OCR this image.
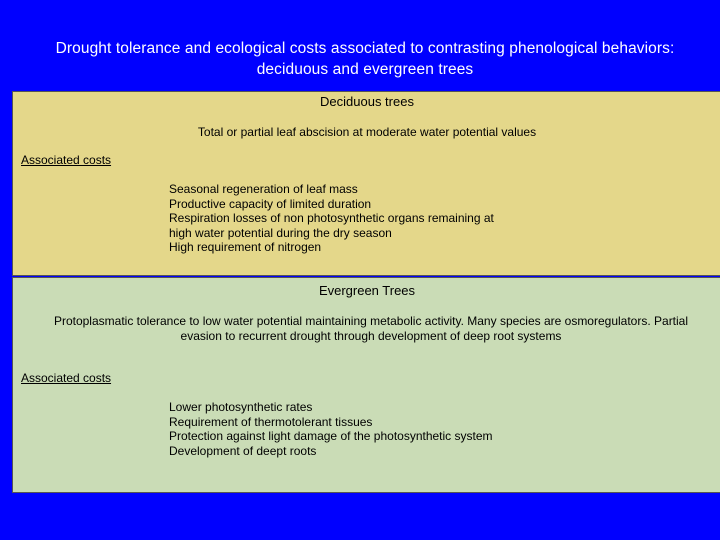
Drought tolerance and ecological costs associated to contrasting phenological behaviors:
deciduous and evergreen trees
Deciduous trees
Total or partial leaf abscision at moderate water potential values
Associated costs
Seasonal regeneration of leaf mass
Productive capacity of limited duration
Respiration losses of non photosynthetic organs remaining at
high water potential during the dry season
High requirement of nitrogen
Evergreen Trees
Protoplasmatic tolerance to low water potential maintaining metabolic activity. Many species are osmoregulators. Partial
evasion to recurrent drought through development of deep root systems
Associated costs
Lower photosynthetic rates
Requirement of thermotolerant tissues
Protection against light damage of the photosynthetic system
Development of deept roots
